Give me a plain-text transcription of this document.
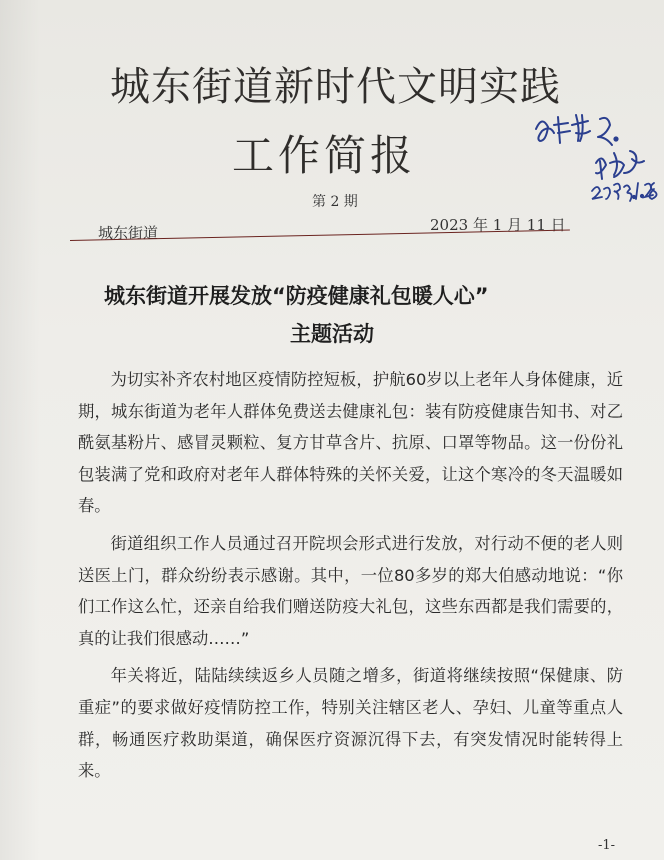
城东街道新时代文明实践
工作简报
第 2 期
城东街道	2023 年 1 月 11 日
城东街道开展发放“防疫健康礼包暖人心”
主题活动

为切实补齐农村地区疫情防控短板，护航60岁以上老年人身体健康，近期，城东街道为老年人群体免费送去健康礼包：装有防疫健康告知书、对乙酰氨基粉片、感冒灵颗粒、复方甘草含片、抗原、口罩等物品。这一份份礼包装满了党和政府对老年人群体特殊的关怀关爱，让这个寒冷的冬天温暖如春。

街道组织工作人员通过召开院坝会形式进行发放，对行动不便的老人则送医上门，群众纷纷表示感谢。其中，一位80多岁的郑大伯感动地说：“你们工作这么忙，还亲自给我们赠送防疫大礼包，这些东西都是我们需要的，真的让我们很感动……”

年关将近，陆陆续续返乡人员随之增多，街道将继续按照“保健康、防重症”的要求做好疫情防控工作，特别关注辖区老人、孕妇、儿童等重点人群，畅通医疗救助渠道，确保医疗资源沉得下去，有突发情况时能转得上来。

-1-
